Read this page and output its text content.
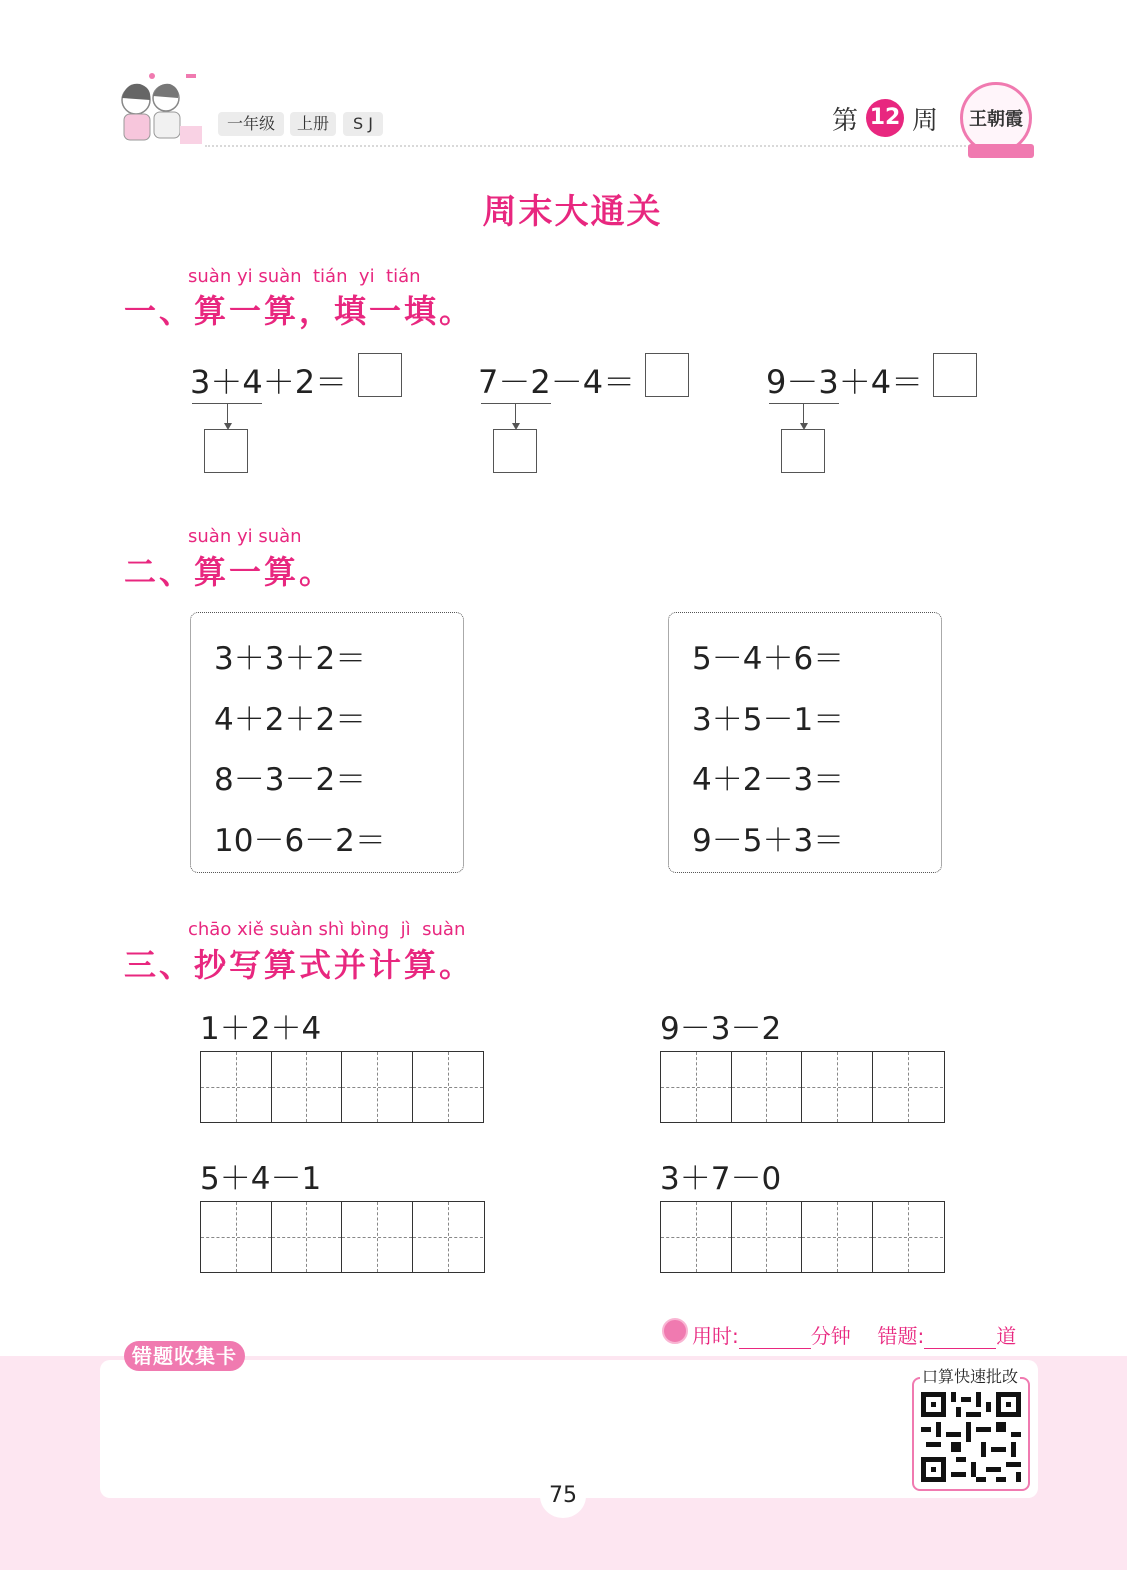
一年级	上册	S J	第 12 周	王朝霞
周末大通关
suàn yi suàn  tián  yi  tián
一、算一算，填一填。
3＋4＋2＝	7－2－4＝	9－3＋4＝
suàn yi suàn
二、算一算。
3＋3＋2＝
4＋2＋2＝
8－3－2＝
10－6－2＝
5－4＋6＝
3＋5－1＝
4＋2－3＝
9－5＋3＝
chāo xiě suàn shì bìng  jì  suàn
三、抄写算式并计算。
1＋2＋4	9－3－2
5＋4－1	3＋7－0
用时:	分钟 错题:	道
错题收集卡
口算快速批改
75
